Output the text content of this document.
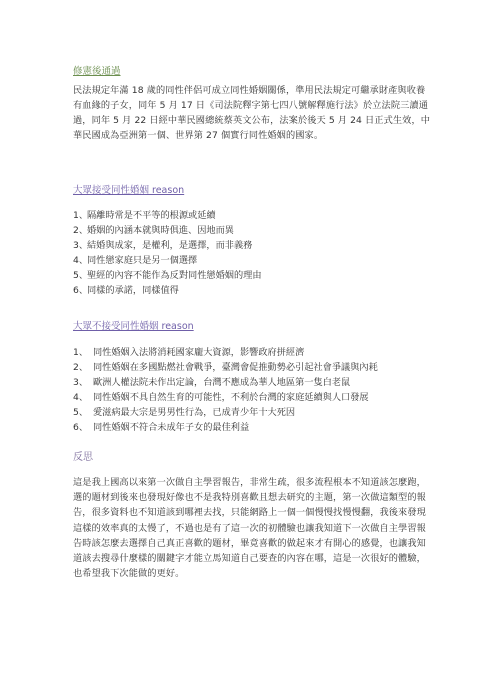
修憲後通過
民法規定年滿 18 歲的同性伴侶可成立同性婚姻關係，準用民法規定可繼承財產與收養有血緣的子女，同年 5 月 17 日《司法院釋字第七四八號解釋施行法》於立法院三讀通過，同年 5 月 22 日經中華民國總統蔡英文公布，法案於後天 5 月 24 日正式生效，中華民國成為亞洲第一個、世界第 27 個實行同性婚姻的國家。
大眾接受同性婚姻 reason
1、隔離時常是不平等的根源或延續
2、婚姻的內涵本就與時俱進、因地而異
3、結婚與成家，是權利，是選擇，而非義務
4、同性戀家庭只是另一個選擇
5、聖經的內容不能作為反對同性戀婚姻的理由
6、同樣的承諾，同樣值得
大眾不接受同性婚姻 reason
1、 同性婚姻入法將消耗國家龐大資源，影響政府拼經濟
2、 同性婚姻在多國點燃社會戰爭，臺灣會促推動勢必引起社會爭議與內耗
3、 歐洲人權法院未作出定論，台灣不應成為華人地區第一隻白老鼠
4、 同性婚姻不具自然生育的可能性，不利於台灣的家庭延續與人口發展
5、 愛滋病最大宗是男男性行為，已成青少年十大死因
6、 同性婚姻不符合未成年子女的最佳利益
反思
這是我上國高以來第一次做自主學習報告，非常生疏，很多流程根本不知道該怎麼跑，選的題材到後來也發現好像也不是我特別喜歡且想去研究的主題，第一次做這類型的報告，很多資料也不知道該到哪裡去找，只能網路上一個一個慢慢找慢慢翻，我後來發現這樣的效率真的太慢了，不過也是有了這一次的初體驗也讓我知道下一次做自主學習報告時該怎麼去選擇自己真正喜歡的題材，畢竟喜歡的做起來才有開心的感覺，也讓我知道該去搜尋什麼樣的關鍵字才能立馬知道自己要查的內容在哪，這是一次很好的體驗，也希望我下次能做的更好。
